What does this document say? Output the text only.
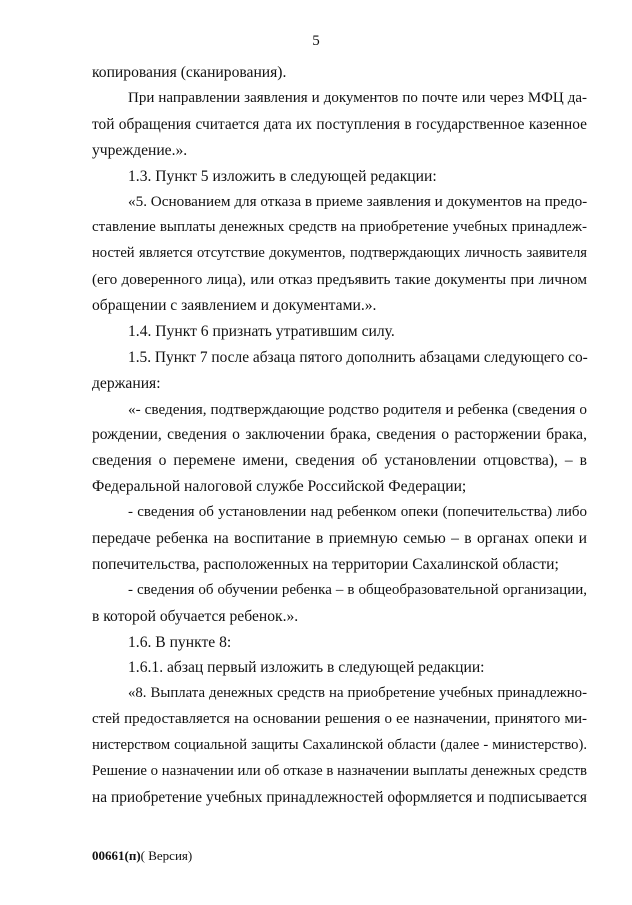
5
копирования (сканирования).
При направлении заявления и документов по почте или через МФЦ да-
той обращения считается дата их поступления в государственное казенное
учреждение.».
1.3. Пункт 5 изложить в следующей редакции:
«5. Основанием для отказа в приеме заявления и документов на предо-
ставление выплаты денежных средств на приобретение учебных принадлеж-
ностей является отсутствие документов, подтверждающих личность заявителя
(его доверенного лица), или отказ предъявить такие документы при личном
обращении с заявлением и документами.».
1.4. Пункт 6 признать утратившим силу.
1.5. Пункт 7 после абзаца пятого дополнить абзацами следующего со-
держания:
«- сведения, подтверждающие родство родителя и ребенка (сведения о
рождении, сведения о заключении брака, сведения о расторжении брака,
сведения о перемене имени, сведения об установлении отцовства), – в
Федеральной налоговой службе Российской Федерации;
- сведения об установлении над ребенком опеки (попечительства) либо
передаче ребенка на воспитание в приемную семью – в органах опеки и
попечительства, расположенных на территории Сахалинской области;
- сведения об обучении ребенка – в общеобразовательной организации,
в которой обучается ребенок.».
1.6. В пункте 8:
1.6.1. абзац первый изложить в следующей редакции:
«8. Выплата денежных средств на приобретение учебных принадлежно-
стей предоставляется на основании решения о ее назначении, принятого ми-
нистерством социальной защиты Сахалинской области (далее - министерство).
Решение о назначении или об отказе в назначении выплаты денежных средств
на приобретение учебных принадлежностей оформляется и подписывается
00661(п)( Версия)
